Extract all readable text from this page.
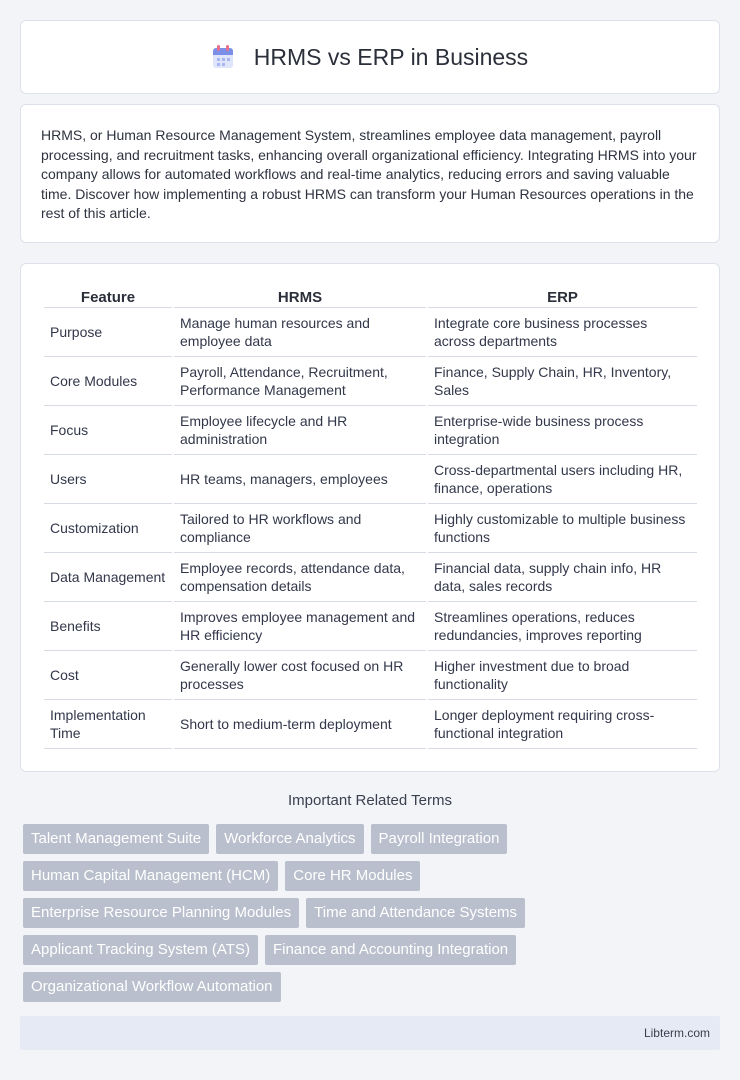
HRMS vs ERP in Business

HRMS, or Human Resource Management System, streamlines employee data management, payroll processing, and recruitment tasks, enhancing overall organizational efficiency. Integrating HRMS into your company allows for automated workflows and real-time analytics, reducing errors and saving valuable time. Discover how implementing a robust HRMS can transform your Human Resources operations in the rest of this article.

Feature	HRMS	ERP
Purpose	Manage human resources and employee data	Integrate core business processes across departments
Core Modules	Payroll, Attendance, Recruitment, Performance Management	Finance, Supply Chain, HR, Inventory, Sales
Focus	Employee lifecycle and HR administration	Enterprise-wide business process integration
Users	HR teams, managers, employees	Cross-departmental users including HR, finance, operations
Customization	Tailored to HR workflows and compliance	Highly customizable to multiple business functions
Data Management	Employee records, attendance data, compensation details	Financial data, supply chain info, HR data, sales records
Benefits	Improves employee management and HR efficiency	Streamlines operations, reduces redundancies, improves reporting
Cost	Generally lower cost focused on HR processes	Higher investment due to broad functionality
Implementation Time	Short to medium-term deployment	Longer deployment requiring cross-functional integration
Important Related Terms
Talent Management Suite	Workforce Analytics	Payroll Integration
Human Capital Management (HCM)	Core HR Modules
Enterprise Resource Planning Modules	Time and Attendance Systems
Applicant Tracking System (ATS)	Finance and Accounting Integration
Organizational Workflow Automation
Libterm.com
